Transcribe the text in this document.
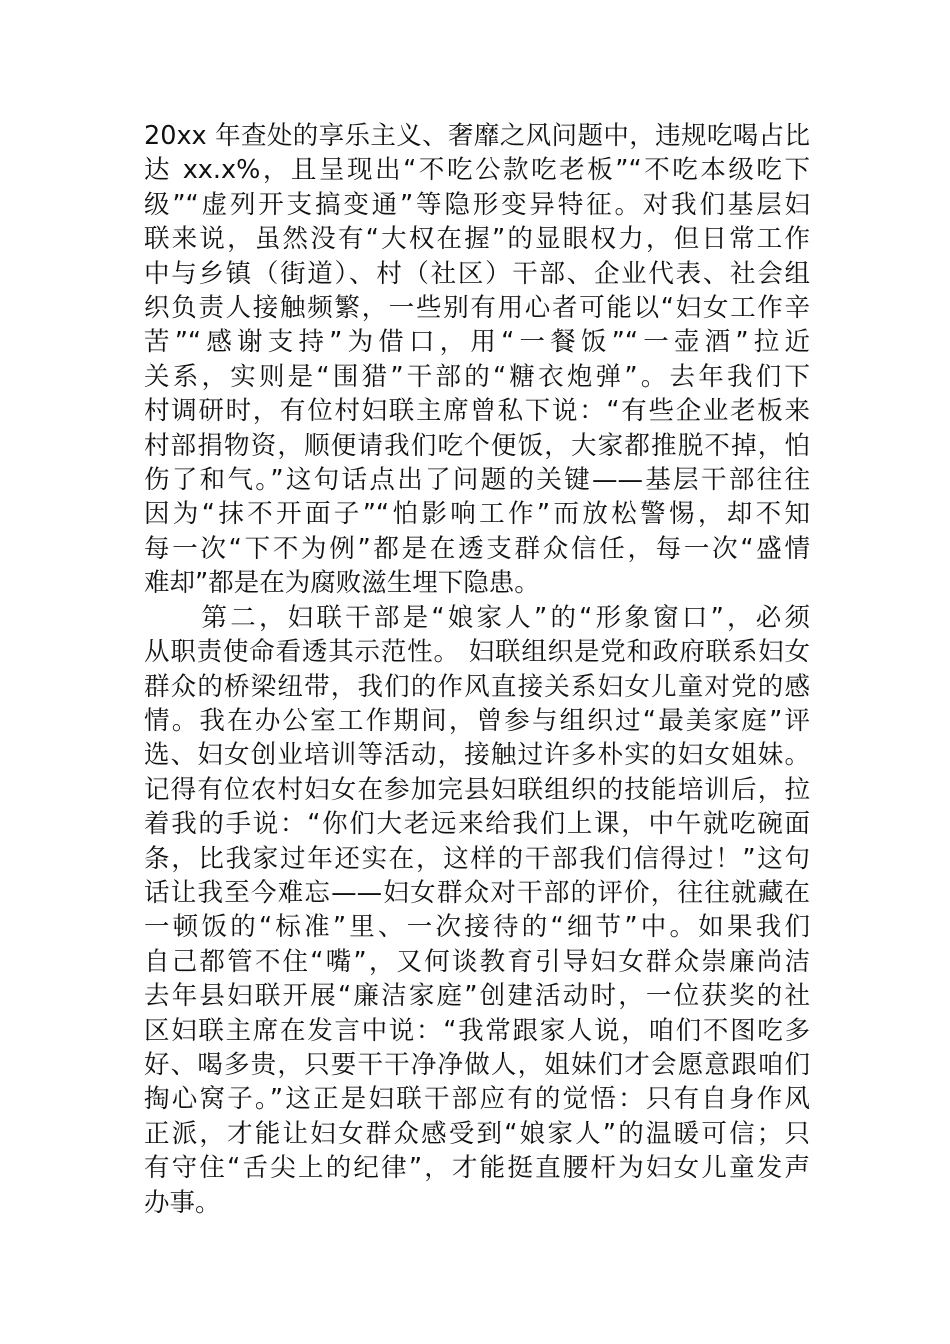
20xx 年查处的享乐主义、奢靡之风问题中，违规吃喝占比
达 xx.x%，且呈现出“不吃公款吃老板”“不吃本级吃下
级”“虚列开支搞变通”等隐形变异特征。对我们基层妇
联来说，虽然没有“大权在握”的显眼权力，但日常工作
中与乡镇（街道）、村（社区）干部、企业代表、社会组
织负责人接触频繁，一些别有用心者可能以“妇女工作辛
苦”“感谢支持”为借口，用“一餐饭”“一壶酒”拉近
关系，实则是“围猎”干部的“糖衣炮弹”。去年我们下
村调研时，有位村妇联主席曾私下说：“有些企业老板来
村部捐物资，顺便请我们吃个便饭，大家都推脱不掉，怕
伤了和气。”这句话点出了问题的关键——基层干部往往
因为“抹不开面子”“怕影响工作”而放松警惕，却不知
每一次“下不为例”都是在透支群众信任，每一次“盛情
难却”都是在为腐败滋生埋下隐患。
　　第二，妇联干部是“娘家人”的“形象窗口”，必须
从职责使命看透其示范性。 妇联组织是党和政府联系妇女
群众的桥梁纽带，我们的作风直接关系妇女儿童对党的感
情。我在办公室工作期间，曾参与组织过“最美家庭”评
选、妇女创业培训等活动，接触过许多朴实的妇女姐妹。
记得有位农村妇女在参加完县妇联组织的技能培训后，拉
着我的手说：“你们大老远来给我们上课，中午就吃碗面
条，比我家过年还实在，这样的干部我们信得过！”这句
话让我至今难忘——妇女群众对干部的评价，往往就藏在
一顿饭的“标准”里、一次接待的“细节”中。如果我们
自己都管不住“嘴”，又何谈教育引导妇女群众崇廉尚洁
去年县妇联开展“廉洁家庭”创建活动时，一位获奖的社
区妇联主席在发言中说：“我常跟家人说，咱们不图吃多
好、喝多贵，只要干干净净做人，姐妹们才会愿意跟咱们
掏心窝子。”这正是妇联干部应有的觉悟：只有自身作风
正派，才能让妇女群众感受到“娘家人”的温暖可信；只
有守住“舌尖上的纪律”，才能挺直腰杆为妇女儿童发声
办事。
